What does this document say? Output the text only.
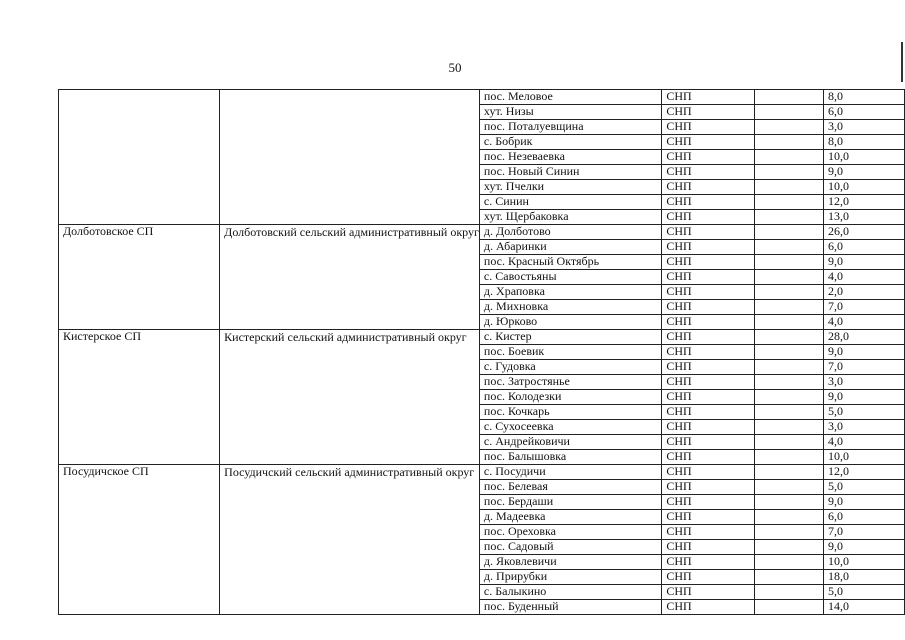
50
		пос. Меловое	СНП		8,0
		хут. Низы	СНП		6,0
		пос. Поталуевщина	СНП		3,0
		с. Бобрик	СНП		8,0
		пос. Незеваевка	СНП		10,0
		пос. Новый Синин	СНП		9,0
		хут. Пчелки	СНП		10,0
		с. Синин	СНП		12,0
		хут. Щербаковка	СНП		13,0
Долботовское СП	Долботовский сельский административный округ	д. Долботово	СНП		26,0
		д. Абаринки	СНП		6,0
		пос. Красный Октябрь	СНП		9,0
		с. Савостьяны	СНП		4,0
		д. Храповка	СНП		2,0
		д. Михновка	СНП		7,0
		д. Юрково	СНП		4,0
Кистерское СП	Кистерский сельский административный округ	с. Кистер	СНП		28,0
		пос. Боевик	СНП		9,0
		с. Гудовка	СНП		7,0
		пос. Затростянье	СНП		3,0
		пос. Колодезки	СНП		9,0
		пос. Кочкарь	СНП		5,0
		с. Сухосеевка	СНП		3,0
		с. Андрейковичи	СНП		4,0
		пос. Балышовка	СНП		10,0
Посудичское СП	Посудичский сельский административный округ	с. Посудичи	СНП		12,0
		пос. Белевая	СНП		5,0
		пос. Бердаши	СНП		9,0
		д. Мадеевка	СНП		6,0
		пос. Ореховка	СНП		7,0
		пос. Садовый	СНП		9,0
		д. Яковлевичи	СНП		10,0
		д. Прирубки	СНП		18,0
		с. Балыкино	СНП		5,0
		пос. Буденный	СНП		14,0
